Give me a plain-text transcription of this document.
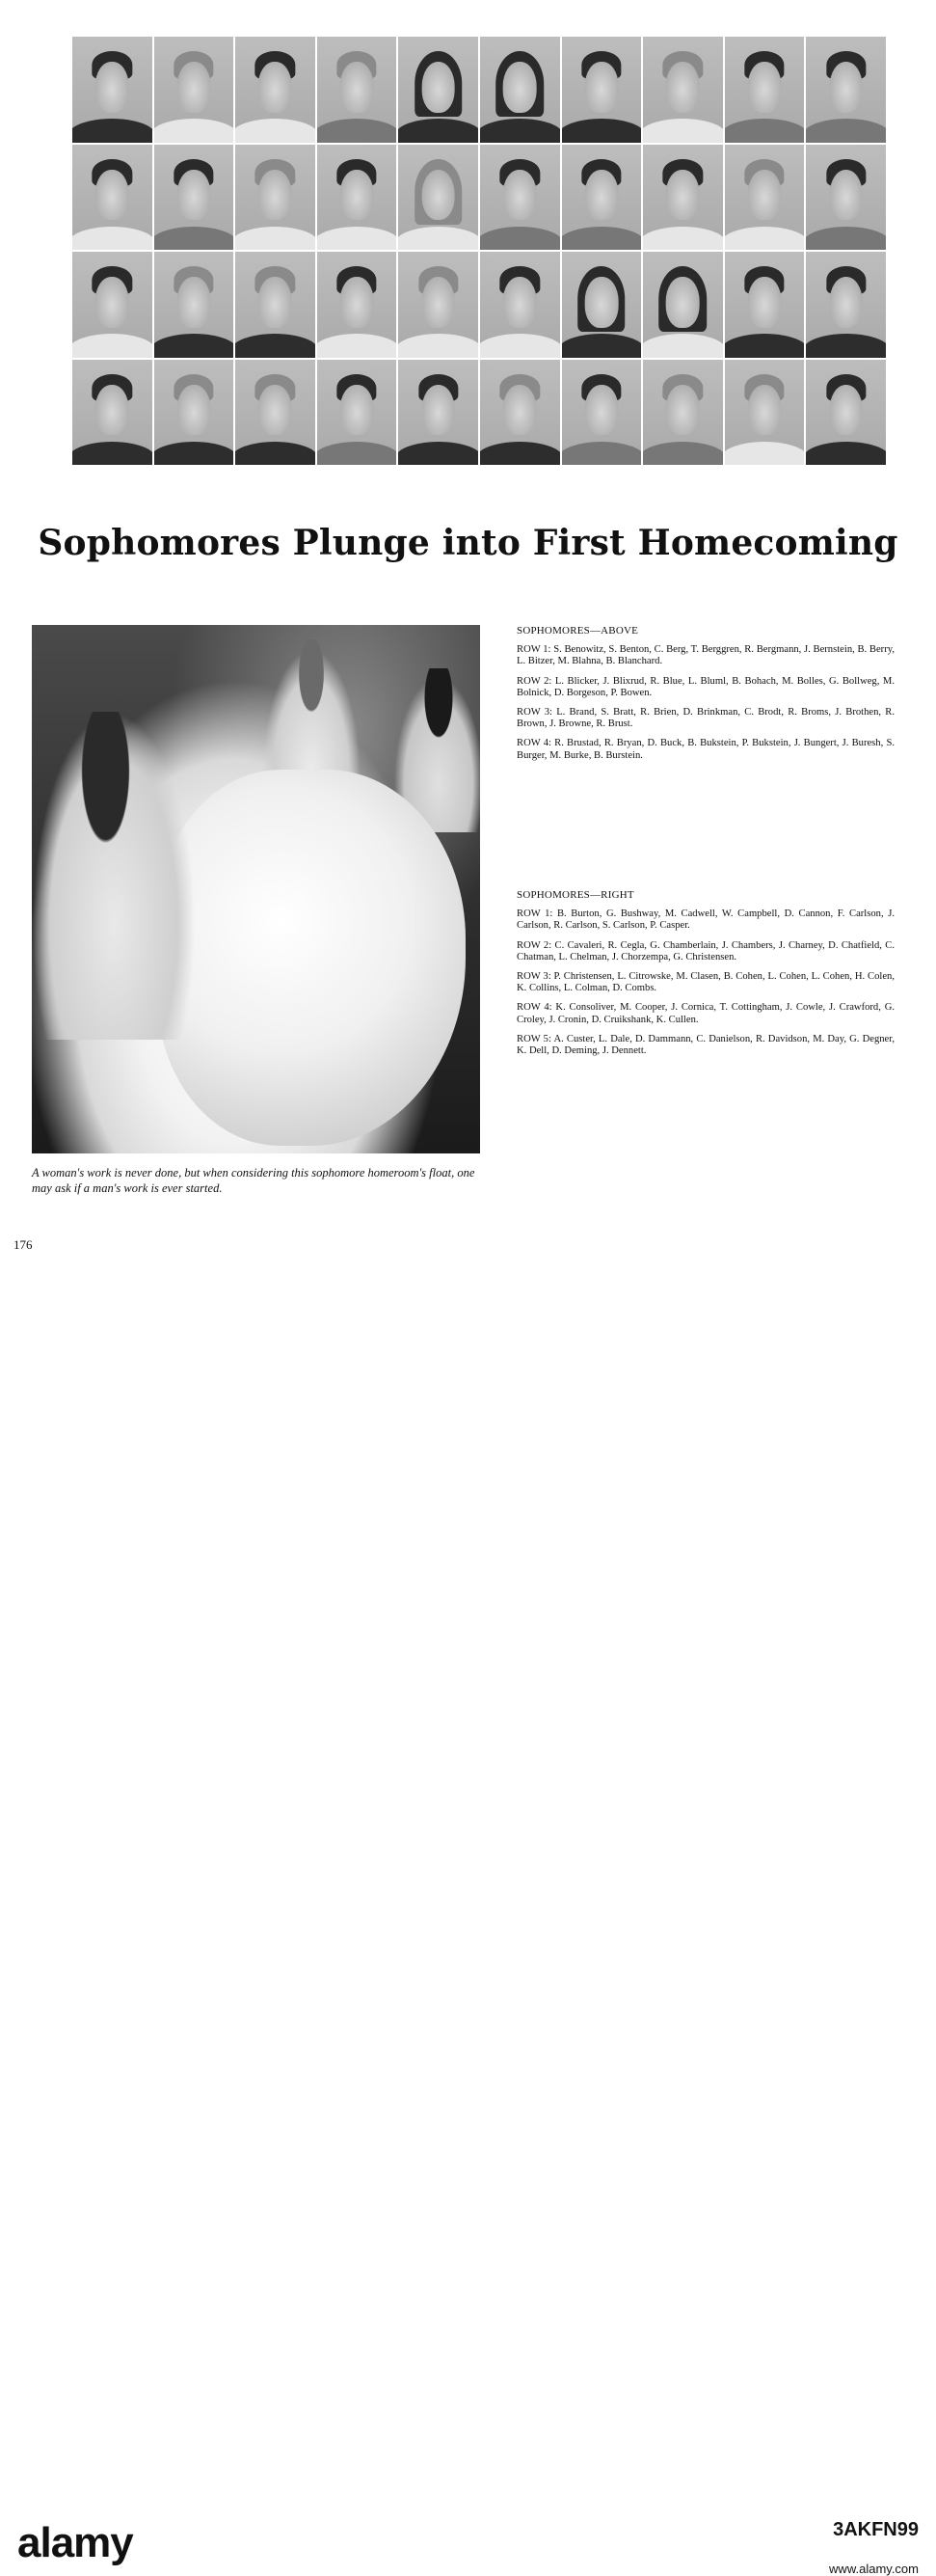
Sophomores Plunge into First Homecoming
A woman's work is never done, but when considering this sophomore homeroom's float, one may ask if a man's work is ever started.
SOPHOMORES—ABOVE
ROW 1: S. Benowitz, S. Benton, C. Berg, T. Berggren, R. Bergmann, J. Bernstein, B. Berry, L. Bitzer, M. Blahna, B. Blanchard.
ROW 2: L. Blicker, J. Blixrud, R. Blue, L. Bluml, B. Bohach, M. Bolles, G. Bollweg, M. Bolnick, D. Borgeson, P. Bowen.
ROW 3: L. Brand, S. Bratt, R. Brien, D. Brinkman, C. Brodt, R. Broms, J. Brothen, R. Brown, J. Browne, R. Brust.
ROW 4: R. Brustad, R. Bryan, D. Buck, B. Bukstein, P. Bukstein, J. Bungert, J. Buresh, S. Burger, M. Burke, B. Burstein.
SOPHOMORES—RIGHT
ROW 1: B. Burton, G. Bushway, M. Cadwell, W. Campbell, D. Cannon, F. Carlson, J. Carlson, R. Carlson, S. Carlson, P. Casper.
ROW 2: C. Cavaleri, R. Cegla, G. Chamberlain, J. Chambers, J. Charney, D. Chatfield, C. Chatman, L. Chelman, J. Chorzempa, G. Christensen.
ROW 3: P. Christensen, L. Citrowske, M. Clasen, B. Cohen, L. Cohen, L. Cohen, H. Colen, K. Collins, L. Colman, D. Combs.
ROW 4: K. Consoliver, M. Cooper, J. Cornica, T. Cottingham, J. Cowle, J. Crawford, G. Croley, J. Cronin, D. Cruikshank, K. Cullen.
ROW 5: A. Custer, L. Dale, D. Dammann, C. Danielson, R. Davidson, M. Day, G. Degner, K. Dell, D. Deming, J. Dennett.
176
alamy	3AKFN99
www.alamy.com
